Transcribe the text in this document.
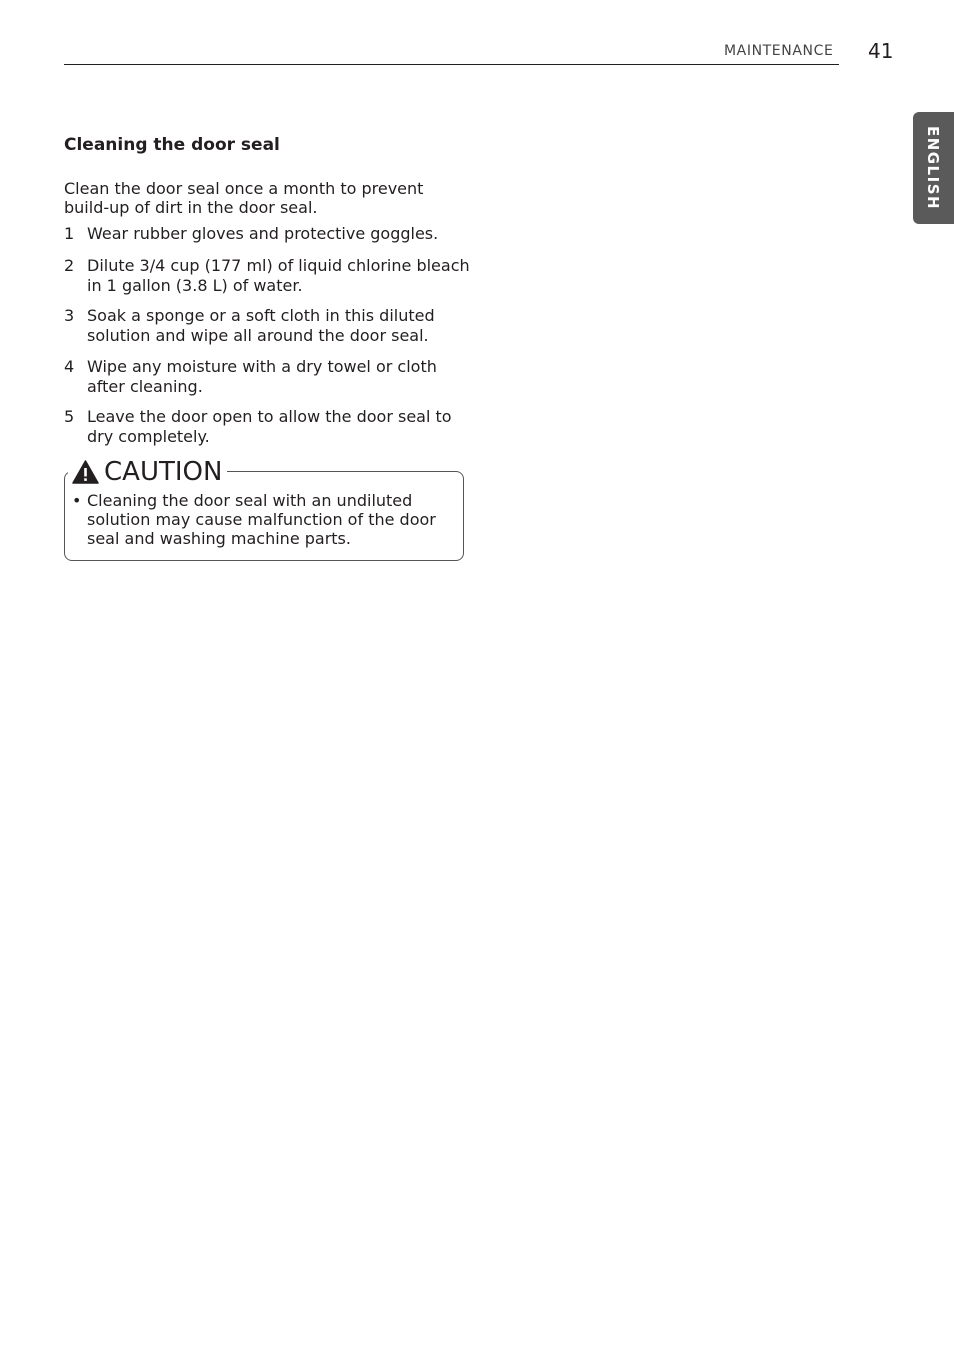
MAINTENANCE 41
ENGLISH
Cleaning the door seal

Clean the door seal once a month to prevent build-up of dirt in the door seal.

1 Wear rubber gloves and protective goggles.
2 Dilute 3/4 cup (177 ml) of liquid chlorine bleach in 1 gallon (3.8 L) of water.
3 Soak a sponge or a soft cloth in this diluted solution and wipe all around the door seal.
4 Wipe any moisture with a dry towel or cloth after cleaning.
5 Leave the door open to allow the door seal to dry completely.
CAUTION
• Cleaning the door seal with an undiluted solution may cause malfunction of the door seal and washing machine parts.
